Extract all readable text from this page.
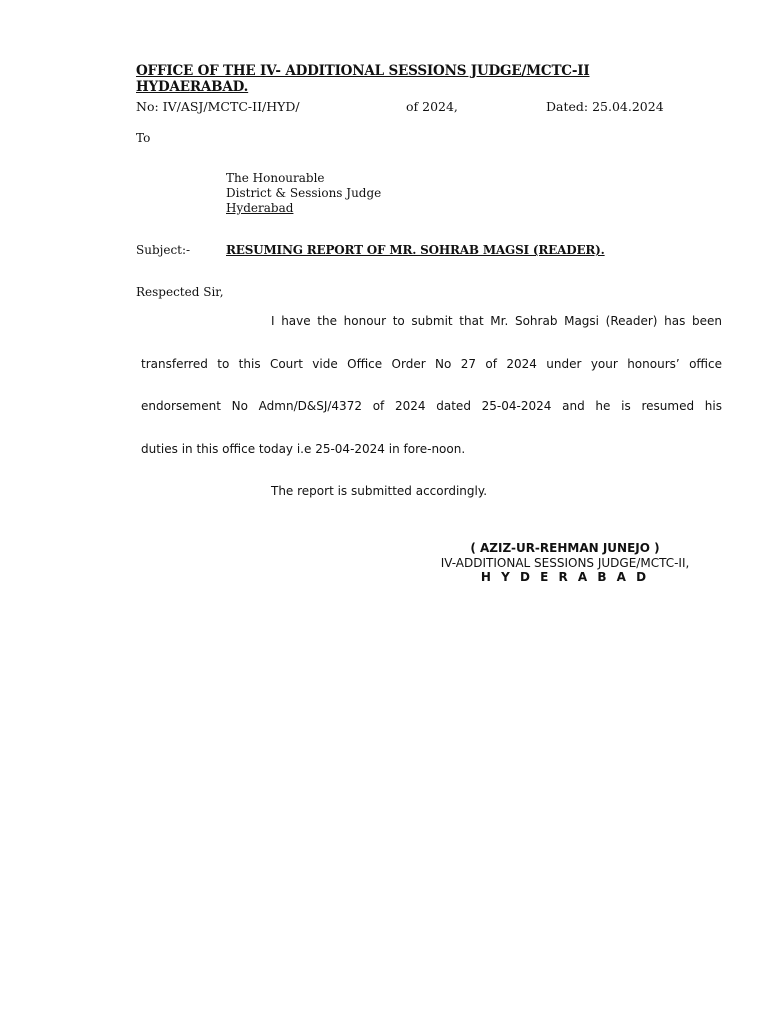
OFFICE OF THE IV- ADDITIONAL SESSIONS JUDGE/MCTC-II
HYDAERABAD.
No: IV/ASJ/MCTC-II/HYD/	of 2024,	Dated: 25.04.2024
To
The Honourable
District & Sessions Judge
Hyderabad
Subject:-	RESUMING REPORT OF MR. SOHRAB MAGSI (READER).
Respected Sir,
I have the honour to submit that Mr. Sohrab Magsi (Reader) has been
transferred to this Court vide Office Order No 27 of 2024 under your honours’ office
endorsement No Admn/D&SJ/4372 of 2024 dated 25-04-2024 and he is resumed his
duties in this office today i.e 25-04-2024 in fore-noon.
The report is submitted accordingly.
( AZIZ-UR-REHMAN JUNEJO )
IV-ADDITIONAL SESSIONS JUDGE/MCTC-II,
H Y D E R A B A D
